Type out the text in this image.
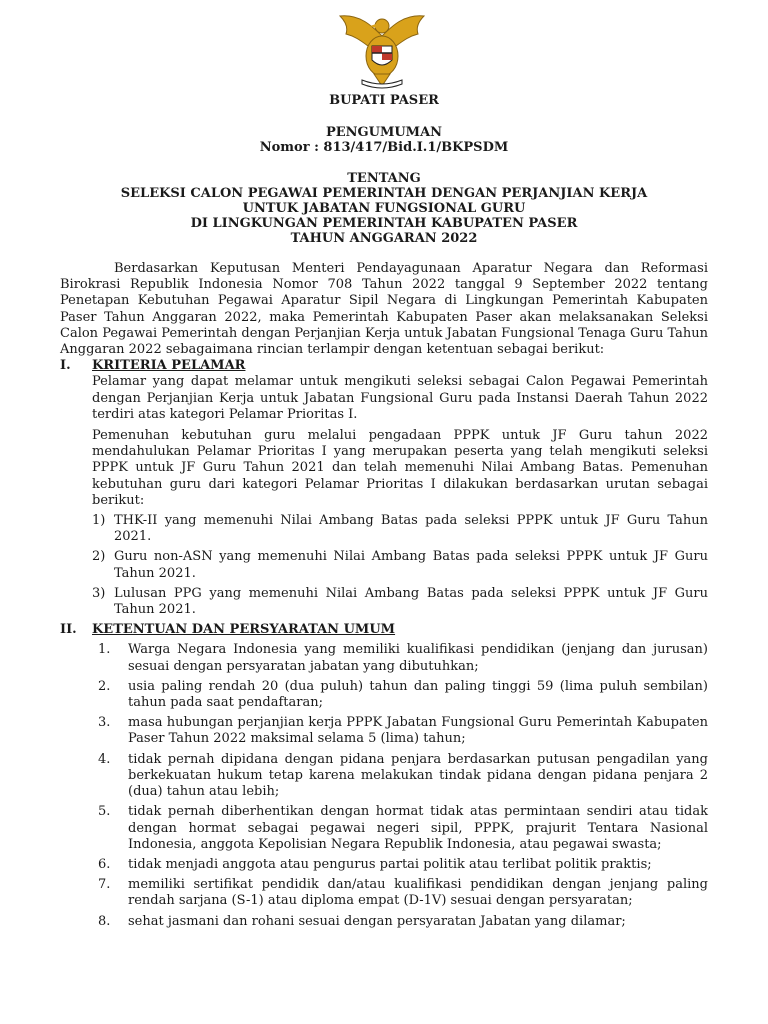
BUPATI PASER
PENGUMUMAN
Nomor : 813/417/Bid.I.1/BKPSDM
TENTANG
SELEKSI CALON PEGAWAI PEMERINTAH DENGAN PERJANJIAN KERJA
UNTUK JABATAN FUNGSIONAL GURU
DI LINGKUNGAN PEMERINTAH KABUPATEN PASER
TAHUN ANGGARAN 2022

Berdasarkan Keputusan Menteri Pendayagunaan Aparatur Negara dan Reformasi Birokrasi Republik Indonesia Nomor 708 Tahun 2022 tanggal 9 September 2022 tentang Penetapan Kebutuhan Pegawai Aparatur Sipil Negara di Lingkungan Pemerintah Kabupaten Paser Tahun Anggaran 2022, maka Pemerintah Kabupaten Paser akan melaksanakan Seleksi Calon Pegawai Pemerintah dengan Perjanjian Kerja untuk Jabatan Fungsional Tenaga Guru Tahun Anggaran 2022 sebagaimana rincian terlampir dengan ketentuan sebagai berikut:

I.	KRITERIA PELAMAR

Pelamar yang dapat melamar untuk mengikuti seleksi sebagai Calon Pegawai Pemerintah dengan Perjanjian Kerja untuk Jabatan Fungsional Guru pada Instansi Daerah Tahun 2022 terdiri atas kategori Pelamar Prioritas I.

Pemenuhan kebutuhan guru melalui pengadaan PPPK untuk JF Guru tahun 2022 mendahulukan Pelamar Prioritas I yang merupakan peserta yang telah mengikuti seleksi PPPK untuk JF Guru Tahun 2021 dan telah memenuhi Nilai Ambang Batas. Pemenuhan kebutuhan guru dari kategori Pelamar Prioritas I dilakukan berdasarkan urutan sebagai berikut:

1) THK-II yang memenuhi Nilai Ambang Batas pada seleksi PPPK untuk JF Guru Tahun 2021.
2) Guru non-ASN yang memenuhi Nilai Ambang Batas pada seleksi PPPK untuk JF Guru Tahun 2021.
3) Lulusan PPG yang memenuhi Nilai Ambang Batas pada seleksi PPPK untuk JF Guru Tahun 2021.
II.	KETENTUAN DAN PERSYARATAN UMUM
1.	Warga Negara Indonesia yang memiliki kualifikasi pendidikan (jenjang dan jurusan) sesuai dengan persyaratan jabatan yang dibutuhkan;
2.	usia paling rendah 20 (dua puluh) tahun dan paling tinggi 59 (lima puluh sembilan) tahun pada saat pendaftaran;
3.	masa hubungan perjanjian kerja PPPK Jabatan Fungsional Guru Pemerintah Kabupaten Paser Tahun 2022 maksimal selama 5 (lima) tahun;
4.	tidak pernah dipidana dengan pidana penjara berdasarkan putusan pengadilan yang berkekuatan hukum tetap karena melakukan tindak pidana dengan pidana penjara 2 (dua) tahun atau lebih;
5.	tidak pernah diberhentikan dengan hormat tidak atas permintaan sendiri atau tidak dengan hormat sebagai pegawai negeri sipil, PPPK, prajurit Tentara Nasional Indonesia, anggota Kepolisian Negara Republik Indonesia, atau pegawai swasta;
6.	tidak menjadi anggota atau pengurus partai politik atau terlibat politik praktis;
7.	memiliki sertifikat pendidik dan/atau kualifikasi pendidikan dengan jenjang paling rendah sarjana (S-1) atau diploma empat (D-1V) sesuai dengan persyaratan;
8.	sehat jasmani dan rohani sesuai dengan persyaratan Jabatan yang dilamar;
